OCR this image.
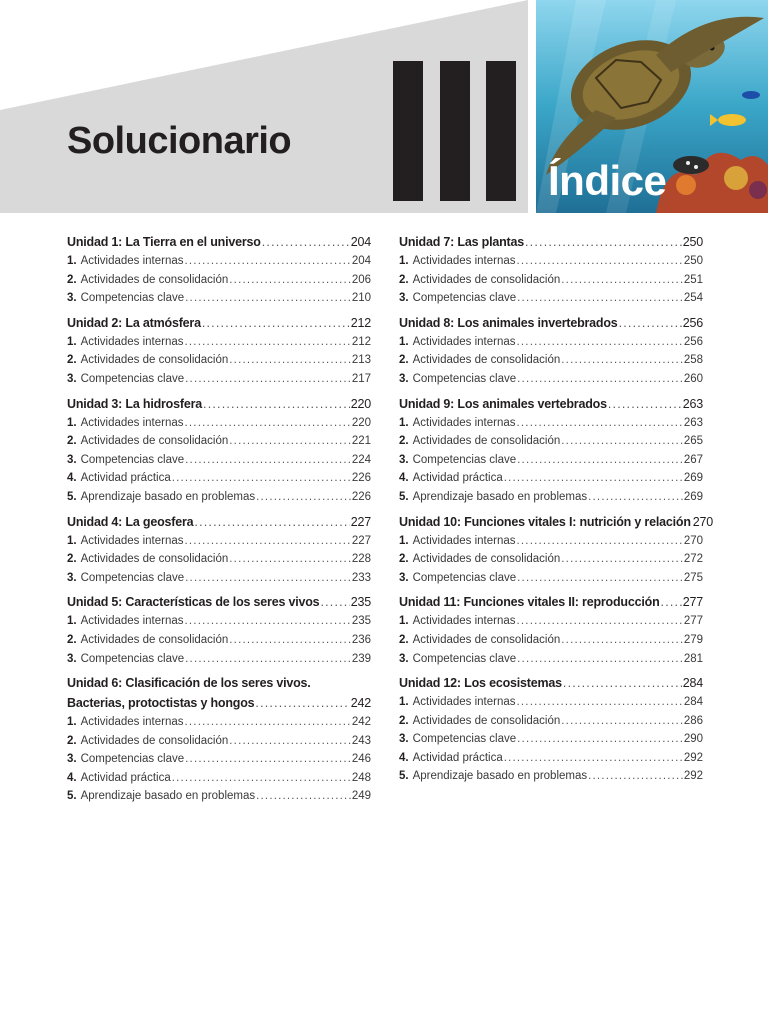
Solucionario
Índice
Unidad 1: La Tierra en el universo .....	204
1. Actividades internas .....	204
2. Actividades de consolidación .....	206
3. Competencias clave .....	210
Unidad 2: La atmósfera .....	212
1. Actividades internas .....	212
2. Actividades de consolidación .....	213
3. Competencias clave .....	217
Unidad 3: La hidrosfera .....	220
1. Actividades internas .....	220
2. Actividades de consolidación .....	221
3. Competencias clave .....	224
4. Actividad práctica .....	226
5. Aprendizaje basado en problemas .....	226
Unidad 4: La geosfera .....	227
1. Actividades internas .....	227
2. Actividades de consolidación .....	228
3. Competencias clave .....	233
Unidad 5: Características de los seres vivos .....	235
1. Actividades internas .....	235
2. Actividades de consolidación .....	236
3. Competencias clave .....	239
Unidad 6: Clasificación de los seres vivos.
Bacterias, protoctistas y hongos .....	242
1. Actividades internas .....	242
2. Actividades de consolidación .....	243
3. Competencias clave .....	246
4. Actividad práctica .....	248
5. Aprendizaje basado en problemas .....	249
Unidad 7: Las plantas .....	250
1. Actividades internas .....	250
2. Actividades de consolidación .....	251
3. Competencias clave .....	254
Unidad 8: Los animales invertebrados .....	256
1. Actividades internas .....	256
2. Actividades de consolidación .....	258
3. Competencias clave .....	260
Unidad 9: Los animales vertebrados .....	263
1. Actividades internas .....	263
2. Actividades de consolidación .....	265
3. Competencias clave .....	267
4. Actividad práctica .....	269
5. Aprendizaje basado en problemas .....	269
Unidad 10: Funciones vitales I: nutrición y relación 270
1. Actividades internas .....	270
2. Actividades de consolidación .....	272
3. Competencias clave .....	275
Unidad 11: Funciones vitales II: reproducción ..... 277
1. Actividades internas .....	277
2. Actividades de consolidación .....	279
3. Competencias clave .....	281
Unidad 12: Los ecosistemas .....	284
1. Actividades internas .....	284
2. Actividades de consolidación .....	286
3. Competencias clave .....	290
4. Actividad práctica .....	292
5. Aprendizaje basado en problemas .....	292
